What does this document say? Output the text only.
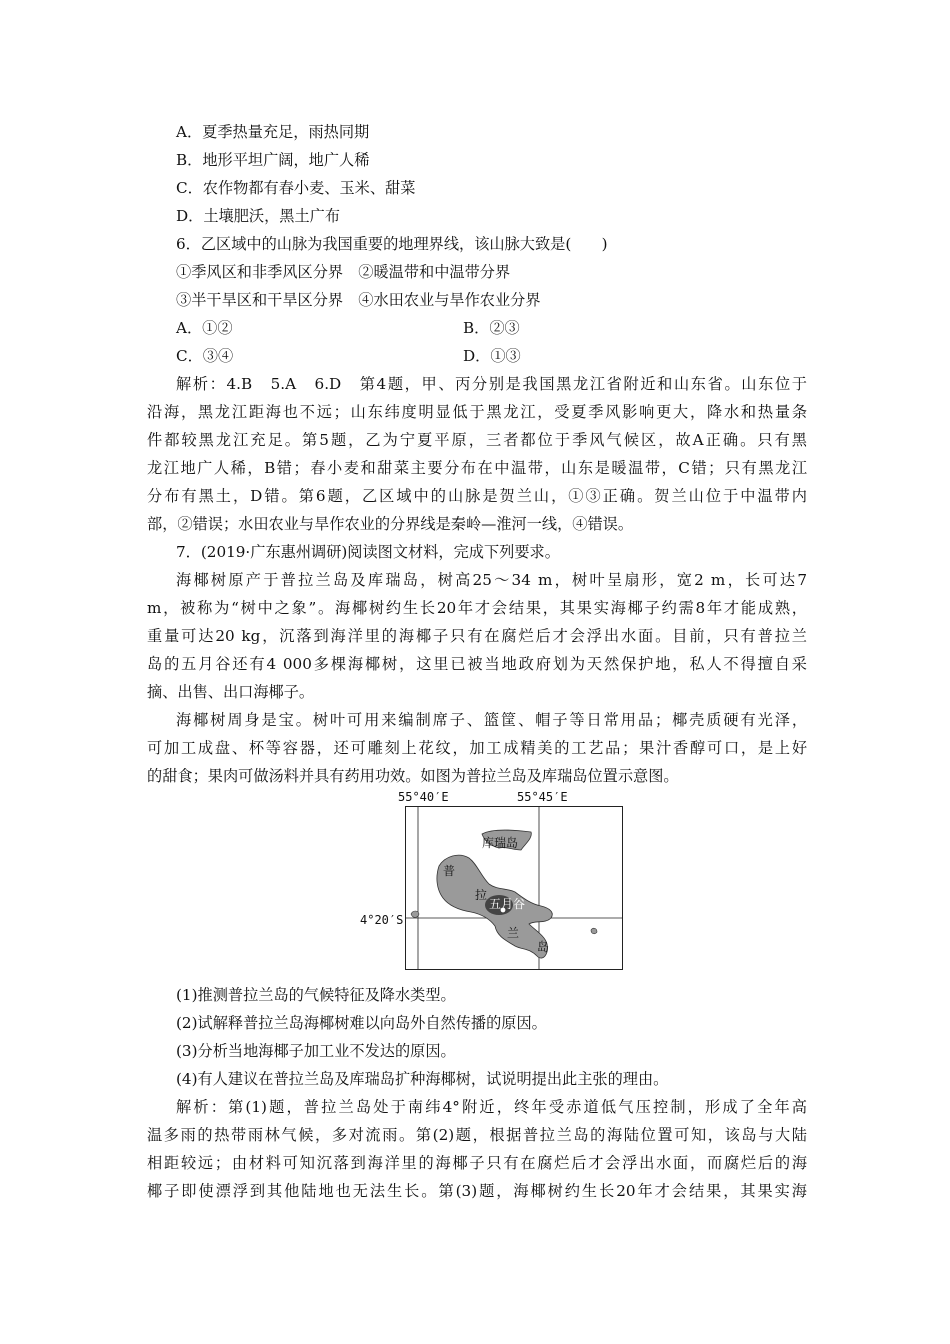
A．夏季热量充足，雨热同期
B．地形平坦广阔，地广人稀
C．农作物都有春小麦、玉米、甜菜
D．土壤肥沃，黑土广布
6．乙区域中的山脉为我国重要的地理界线，该山脉大致是(　　)
①季风区和非季风区分界　②暖温带和中温带分界
③半干旱区和干旱区分界　④水田农业与旱作农业分界
A．①②	B．②③
C．③④	D．①③
解析：4.B　5.A　6.D　第4题，甲、丙分别是我国黑龙江省附近和山东省。山东位于
沿海，黑龙江距海也不远；山东纬度明显低于黑龙江，受夏季风影响更大，降水和热量条
件都较黑龙江充足。第5题，乙为宁夏平原，三者都位于季风气候区，故A正确。只有黑
龙江地广人稀，B错；春小麦和甜菜主要分布在中温带，山东是暖温带，C错；只有黑龙江
分布有黑土，D错。第6题，乙区域中的山脉是贺兰山，①③正确。贺兰山位于中温带内
部，②错误；水田农业与旱作农业的分界线是秦岭—淮河一线，④错误。
7．(2019·广东惠州调研)阅读图文材料，完成下列要求。
海椰树原产于普拉兰岛及库瑞岛，树高25～34 m，树叶呈扇形，宽2 m，长可达7
m，被称为“树中之象”。海椰树约生长20年才会结果，其果实海椰子约需8年才能成熟，
重量可达20 kg，沉落到海洋里的海椰子只有在腐烂后才会浮出水面。目前，只有普拉兰
岛的五月谷还有4 000多棵海椰树，这里已被当地政府划为天然保护地，私人不得擅自采
摘、出售、出口海椰子。
海椰树周身是宝。树叶可用来编制席子、篮筐、帽子等日常用品；椰壳质硬有光泽，
可加工成盘、杯等容器，还可雕刻上花纹，加工成精美的工艺品；果汁香醇可口，是上好
的甜食；果肉可做汤料并具有药用功效。如图为普拉兰岛及库瑞岛位置示意图。
55°40′E	55°45′E
4°20′S
库瑞岛
普
拉
兰
岛
五月谷
(1)推测普拉兰岛的气候特征及降水类型。
(2)试解释普拉兰岛海椰树难以向岛外自然传播的原因。
(3)分析当地海椰子加工业不发达的原因。
(4)有人建议在普拉兰岛及库瑞岛扩种海椰树，试说明提出此主张的理由。
解析：第(1)题，普拉兰岛处于南纬4°附近，终年受赤道低气压控制，形成了全年高
温多雨的热带雨林气候，多对流雨。第(2)题，根据普拉兰岛的海陆位置可知，该岛与大陆
相距较远；由材料可知沉落到海洋里的海椰子只有在腐烂后才会浮出水面，而腐烂后的海
椰子即使漂浮到其他陆地也无法生长。第(3)题，海椰树约生长20年才会结果，其果实海
